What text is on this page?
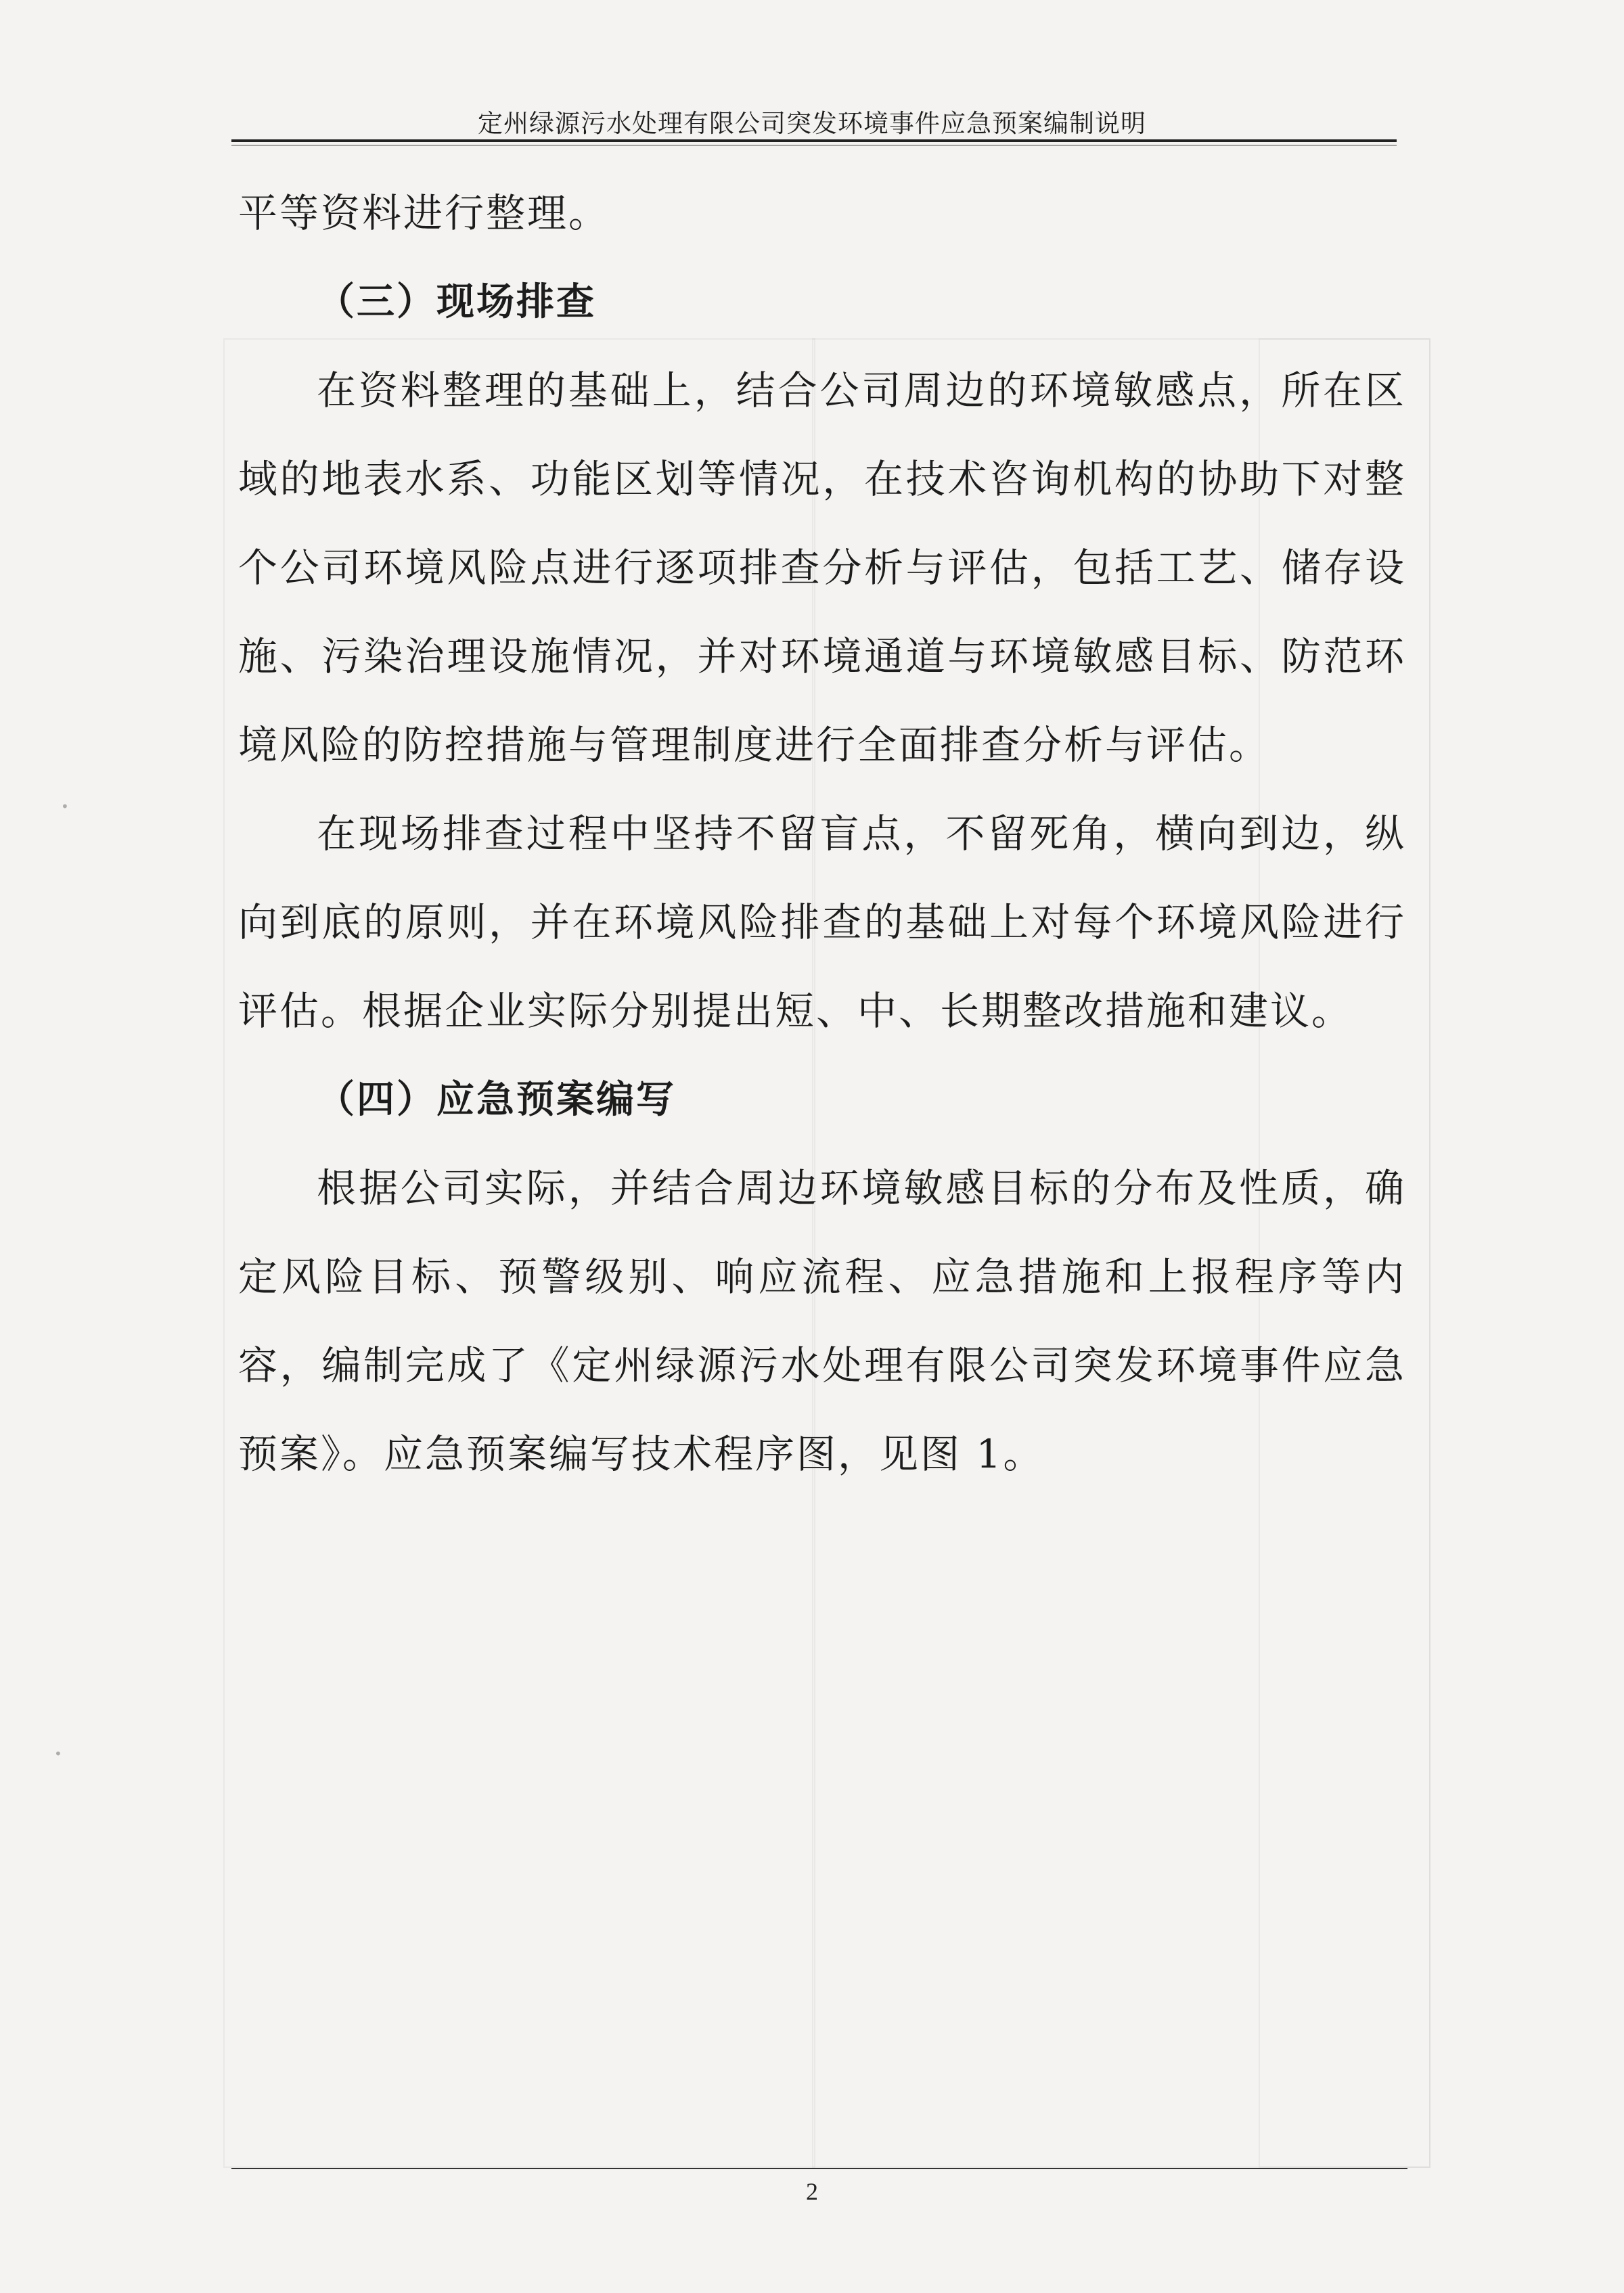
定州绿源污水处理有限公司突发环境事件应急预案编制说明

平等资料进行整理。

（三）现场排查

在资料整理的基础上，结合公司周边的环境敏感点，所在区域的地表水系、功能区划等情况，在技术咨询机构的协助下对整个公司环境风险点进行逐项排查分析与评估，包括工艺、储存设施、污染治理设施情况，并对环境通道与环境敏感目标、防范环境风险的防控措施与管理制度进行全面排查分析与评估。

在现场排查过程中坚持不留盲点，不留死角，横向到边，纵向到底的原则，并在环境风险排查的基础上对每个环境风险进行评估。根据企业实际分别提出短、中、长期整改措施和建议。

（四）应急预案编写

根据公司实际，并结合周边环境敏感目标的分布及性质，确定风险目标、预警级别、响应流程、应急措施和上报程序等内容，编制完成了《定州绿源污水处理有限公司突发环境事件应急预案》。应急预案编写技术程序图，见图 1。

2
•
•
